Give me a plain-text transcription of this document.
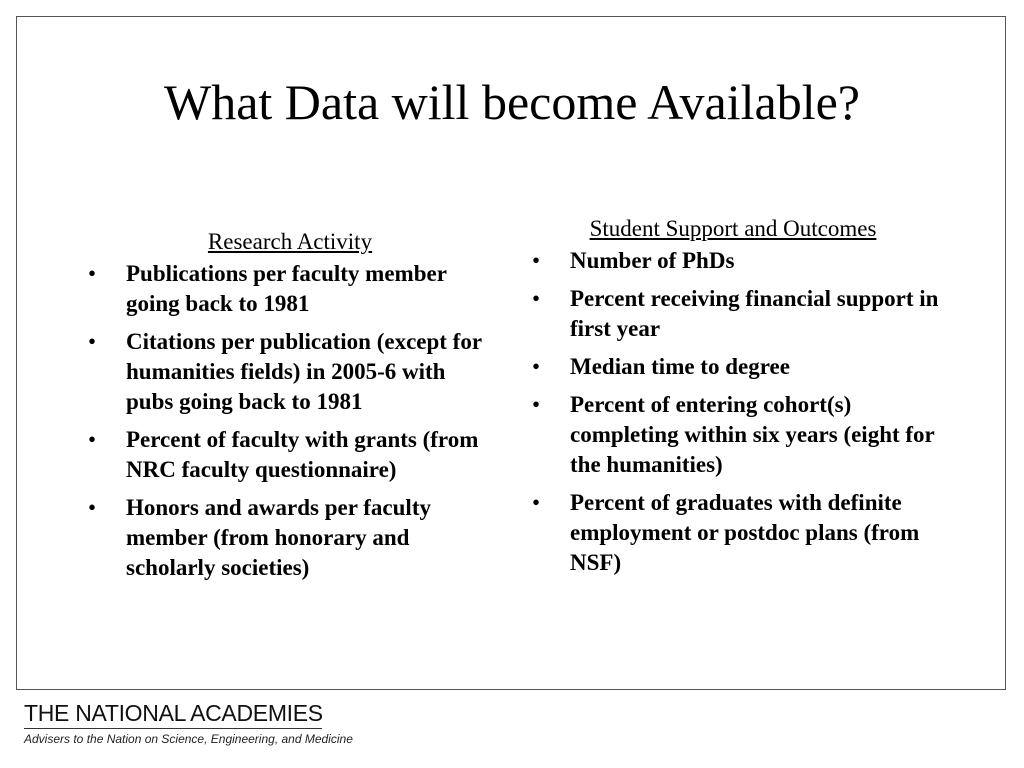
What Data will become Available?
Research Activity
• Publications per faculty member going back to 1981
• Citations per publication (except for humanities fields) in 2005-6 with pubs going back to 1981
• Percent of faculty with grants (from NRC faculty questionnaire)
• Honors and awards per faculty member (from honorary and scholarly societies)
Student Support and Outcomes
• Number of PhDs
• Percent receiving financial support in first year
• Median time to degree
• Percent of entering cohort(s) completing within six years (eight for the humanities)
• Percent of graduates with definite employment or postdoc plans (from NSF)
THE NATIONAL ACADEMIES
Advisers to the Nation on Science, Engineering, and Medicine
